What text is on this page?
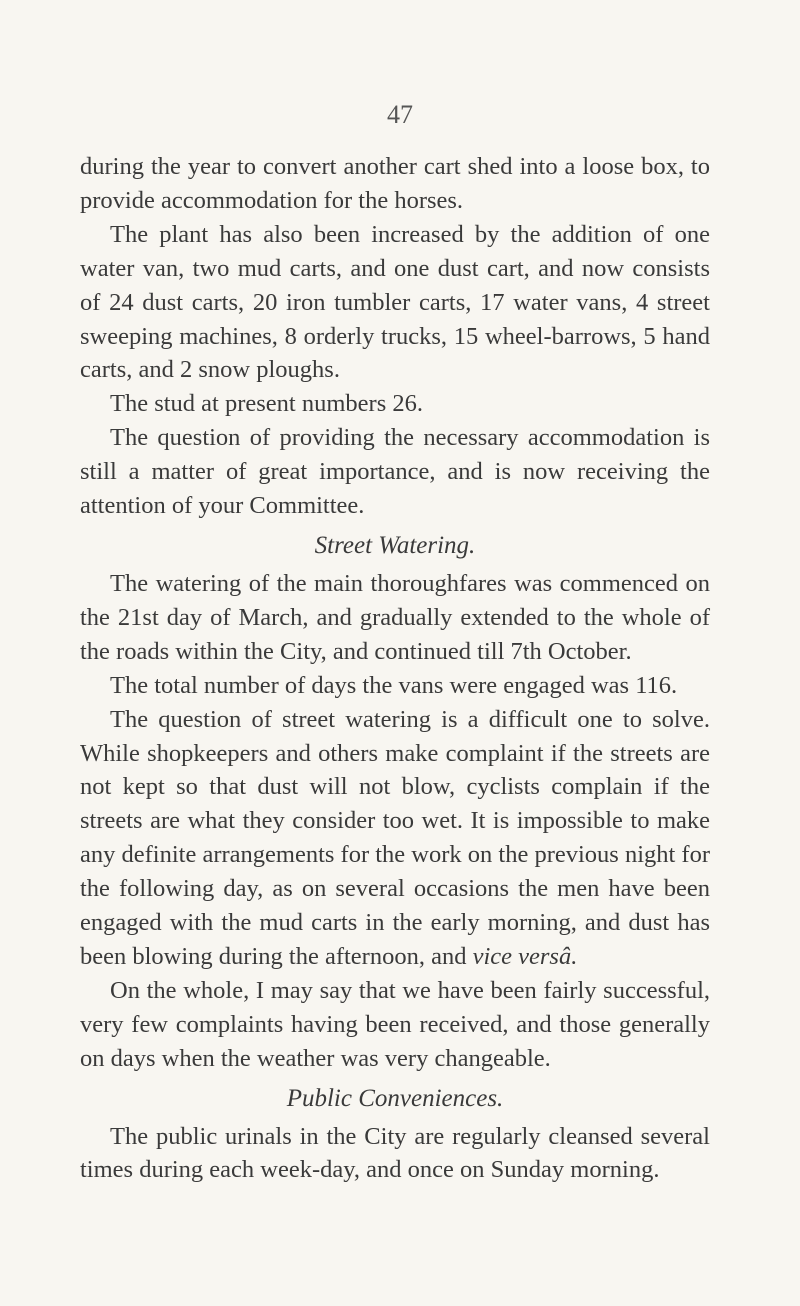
47

during the year to convert another cart shed into a loose box, to provide accommodation for the horses.

The plant has also been increased by the addition of one water van, two mud carts, and one dust cart, and now consists of 24 dust carts, 20 iron tumbler carts, 17 water vans, 4 street sweeping machines, 8 orderly trucks, 15 wheel-barrows, 5 hand carts, and 2 snow ploughs.

The stud at present numbers 26.

The question of providing the necessary accommodation is still a matter of great importance, and is now receiving the attention of your Committee.

Street Watering.

The watering of the main thoroughfares was commenced on the 21st day of March, and gradually extended to the whole of the roads within the City, and continued till 7th October.

The total number of days the vans were engaged was 116.

The question of street watering is a difficult one to solve. While shopkeepers and others make complaint if the streets are not kept so that dust will not blow, cyclists complain if the streets are what they consider too wet. It is impossible to make any definite arrangements for the work on the previous night for the following day, as on several occasions the men have been engaged with the mud carts in the early morning, and dust has been blowing during the afternoon, and vice versâ.

On the whole, I may say that we have been fairly successful, very few complaints having been received, and those generally on days when the weather was very changeable.

Public Conveniences.

The public urinals in the City are regularly cleansed several times during each week-day, and once on Sunday morning.
